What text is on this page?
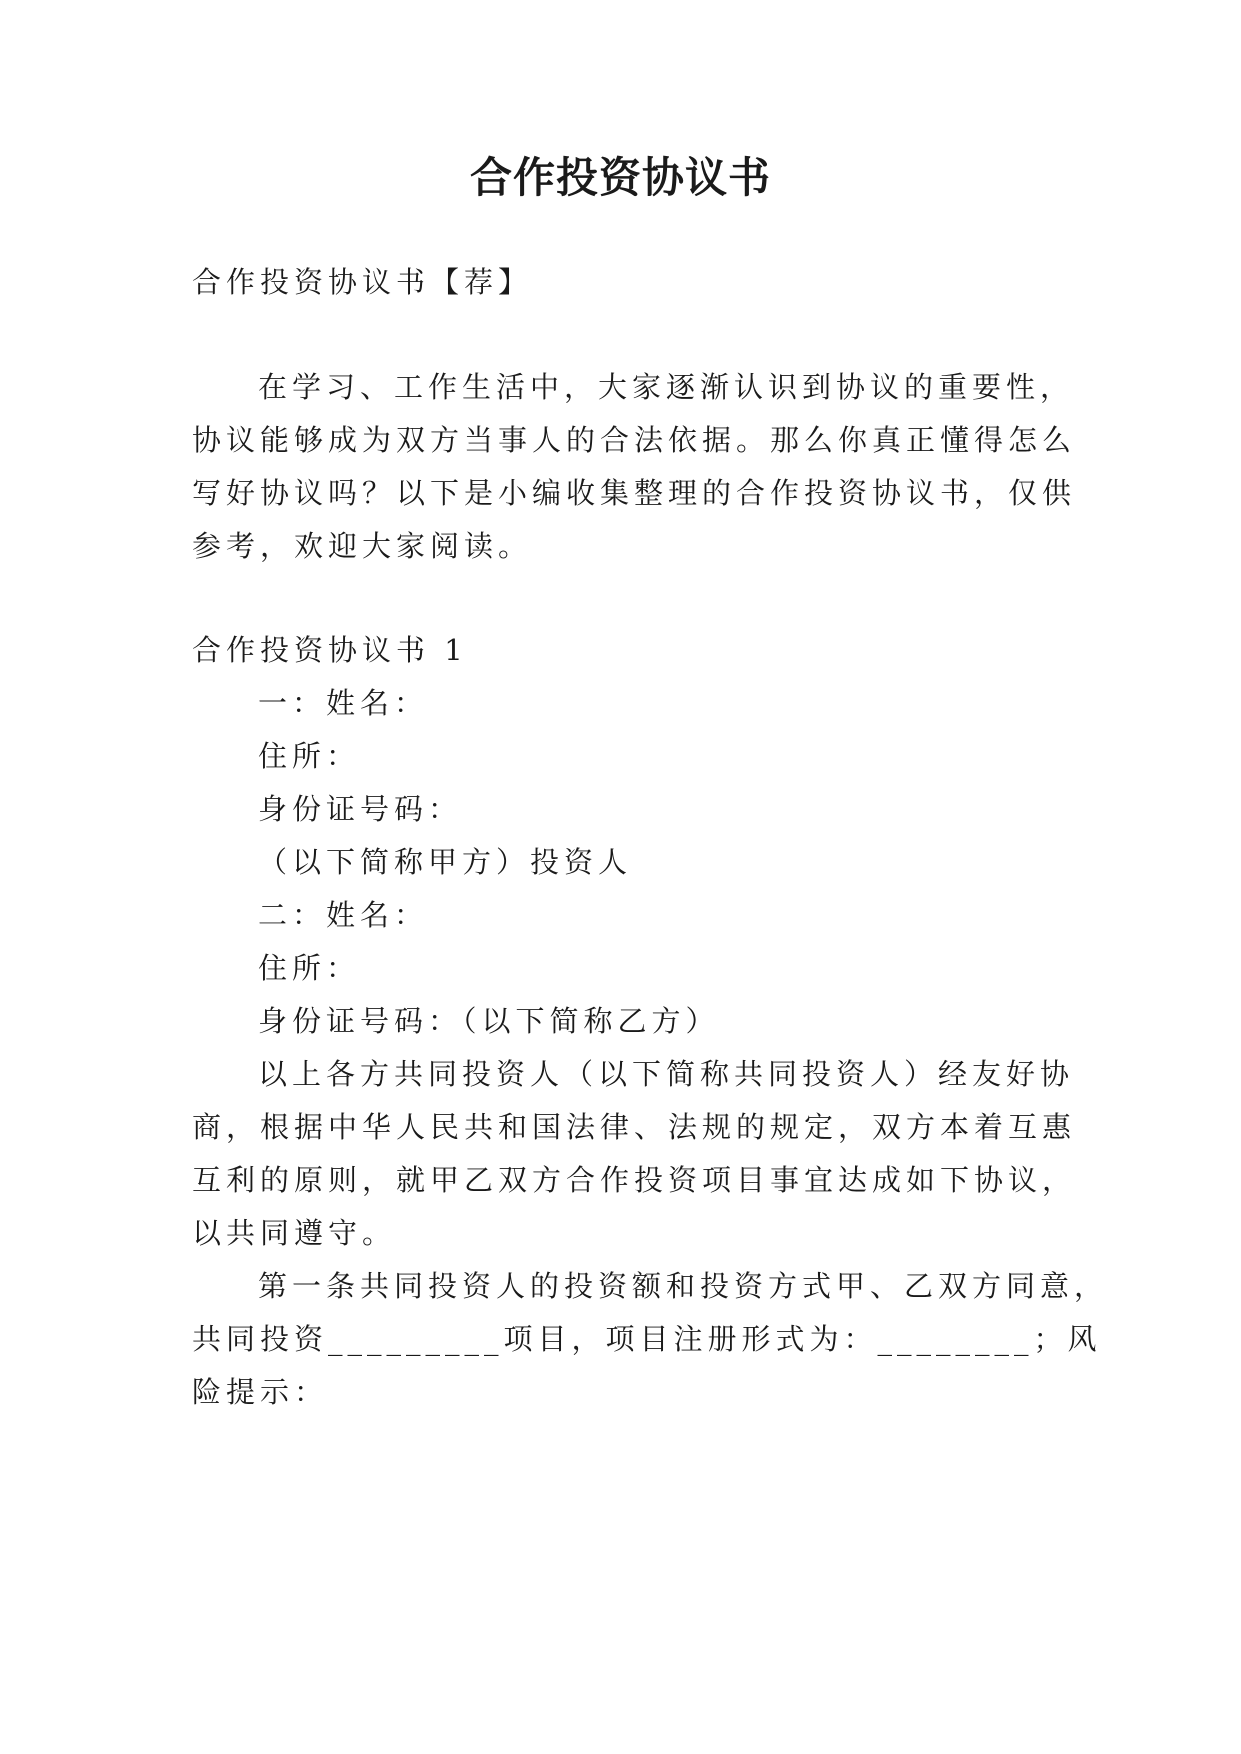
合作投资协议书
合作投资协议书【荐】
在学习、工作生活中，大家逐渐认识到协议的重要性，
协议能够成为双方当事人的合法依据。那么你真正懂得怎么
写好协议吗？以下是小编收集整理的合作投资协议书，仅供
参考，欢迎大家阅读。
合作投资协议书 1
一：姓名：
住所：
身份证号码：
（以下简称甲方）投资人
二：姓名：
住所：
身份证号码：（以下简称乙方）
以上各方共同投资人（以下简称共同投资人）经友好协
商，根据中华人民共和国法律、法规的规定，双方本着互惠
互利的原则，就甲乙双方合作投资项目事宜达成如下协议，
以共同遵守。
第一条共同投资人的投资额和投资方式甲、乙双方同意，
共同投资_________项目，项目注册形式为：________；风
险提示：
